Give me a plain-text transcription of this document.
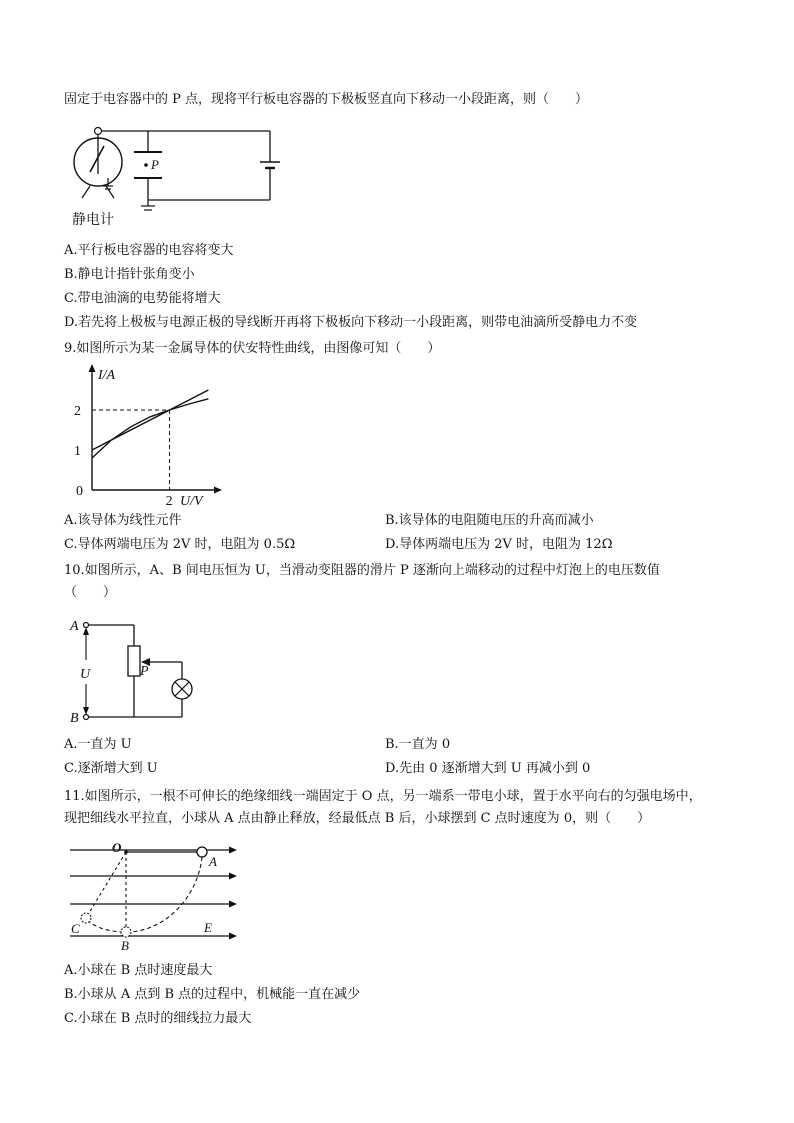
固定于电容器中的 P 点，现将平行板电容器的下极板竖直向下移动一小段距离，则（　　）
静电计
P
A.平行板电容器的电容将变大
B.静电计指针张角变小
C.带电油滴的电势能将增大
D.若先将上极板与电源正极的导线断开再将下极板向下移动一小段距离，则带电油滴所受静电力不变
9.如图所示为某一金属导体的伏安特性曲线，由图像可知（　　）
I/A
U/V
0
1
2
2
A.该导体为线性元件	B.该导体的电阻随电压的升高而减小
C.导体两端电压为 2V 时，电阻为 0.5Ω	D.导体两端电压为 2V 时，电阻为 12Ω
10.如图所示，A、B 间电压恒为 U，当滑动变阻器的滑片 P 逐渐向上端移动的过程中灯泡上的电压数值
（　　）
A
P
B
U
A.一直为 U	B.一直为 0
C.逐渐增大到 U	D.先由 0 逐渐增大到 U 再减小到 0
11.如图所示，一根不可伸长的绝缘细线一端固定于 O 点，另一端系一带电小球，置于水平向右的匀强电场中，
现把细线水平拉直，小球从 A 点由静止释放，经最低点 B 后，小球摆到 C 点时速度为 0，则（　　）
O
A
B
C	E
A.小球在 B 点时速度最大
B.小球从 A 点到 B 点的过程中，机械能一直在减少
C.小球在 B 点时的细线拉力最大
